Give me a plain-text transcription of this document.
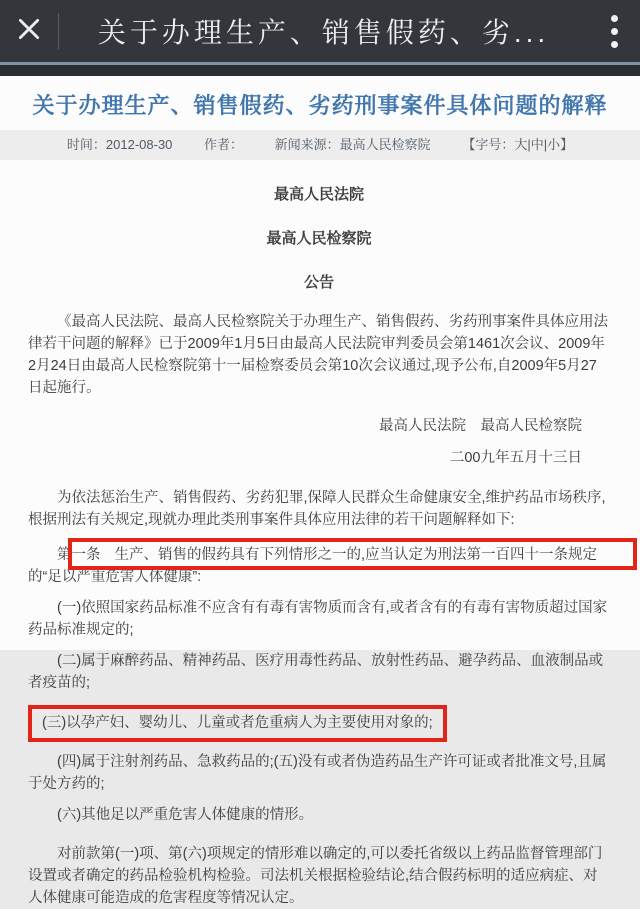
关于办理生产、销售假药、劣...
关于办理生产、销售假药、劣药刑事案件具体问题的解释
时间：2012-08-30 作者： 新闻来源：最高人民检察院 【字号：大|中|小】
最高人民法院
最高人民检察院
公告

《最高人民法院、最高人民检察院关于办理生产、销售假药、劣药刑事案件具体应用法律若干问题的解释》已于2009年1月5日由最高人民法院审判委员会第1461次会议、2009年2月24日由最高人民检察院第十一届检察委员会第10次会议通过,现予公布,自2009年5月27日起施行。

最高人民法院　最高人民检察院

二00九年五月十三日

为依法惩治生产、销售假药、劣药犯罪,保障人民群众生命健康安全,维护药品市场秩序,根据刑法有关规定,现就办理此类刑事案件具体应用法律的若干问题解释如下:

第一条 生产、销售的假药具有下列情形之一的,应当认定为刑法第一百四十一条规定的“足以严重危害人体健康”:

(一)依照国家药品标准不应含有有毒有害物质而含有,或者含有的有毒有害物质超过国家药品标准规定的;

(二)属于麻醉药品、精神药品、医疗用毒性药品、放射性药品、避孕药品、血液制品或者疫苗的;

(三)以孕产妇、婴幼儿、儿童或者危重病人为主要使用对象的;

(四)属于注射剂药品、急救药品的;(五)没有或者伪造药品生产许可证或者批准文号,且属于处方药的;

(六)其他足以严重危害人体健康的情形。

对前款第(一)项、第(六)项规定的情形难以确定的,可以委托省级以上药品监督管理部门设置或者确定的药品检验机构检验。司法机关根据检验结论,结合假药标明的适应病症、对人体健康可能造成的危害程度等情况认定。
